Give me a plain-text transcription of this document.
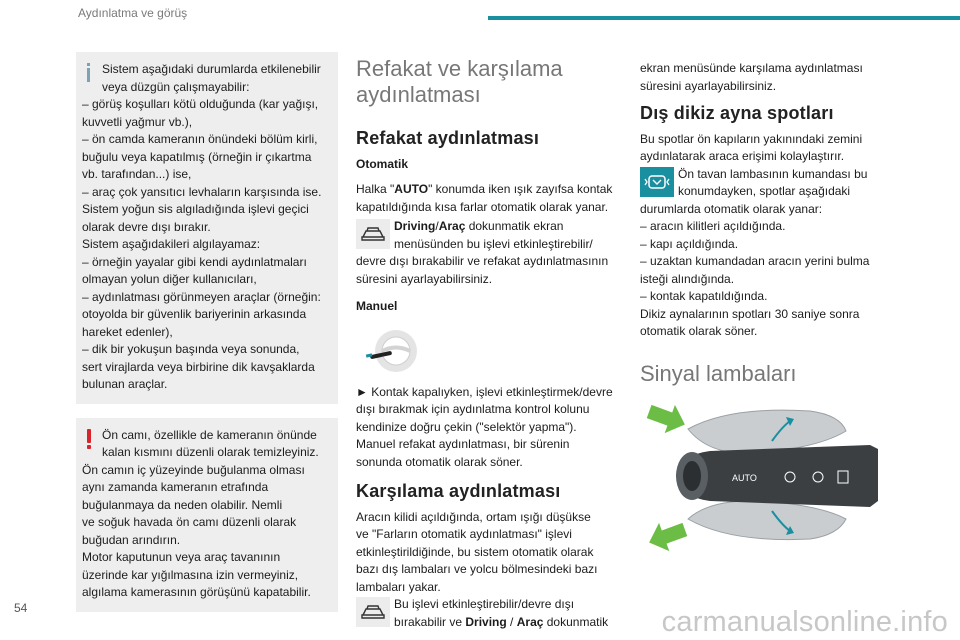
Aydınlatma ve görüş
Sistem aşağıdaki durumlarda etkilenebilir
veya düzgün çalışmayabilir:
– görüş koşulları kötü olduğunda (kar yağışı,
kuvvetli yağmur vb.),
– ön camda kameranın önündeki bölüm kirli,
buğulu veya kapatılmış (örneğin ir çıkartma
vb. tarafından...) ise,
– araç çok yansıtıcı levhaların karşısında ise.
Sistem yoğun sis algıladığında işlevi geçici
olarak devre dışı bırakır.
Sistem aşağıdakileri algılayamaz:
– örneğin yayalar gibi kendi aydınlatmaları
olmayan yolun diğer kullanıcıları,
– aydınlatması görünmeyen araçlar (örneğin:
otoyolda bir güvenlik bariyerinin arkasında
hareket edenler),
– dik bir yokuşun başında veya sonunda,
sert virajlarda veya birbirine dik kavşaklarda
bulunan araçlar.
Ön camı, özellikle de kameranın önünde
kalan kısmını düzenli olarak temizleyiniz.
Ön camın iç yüzeyinde buğulanma olması
aynı zamanda kameranın etrafında
buğulanmaya da neden olabilir. Nemli
ve soğuk havada ön camı düzenli olarak
buğudan arındırın.
Motor kaputunun veya araç tavanının
üzerinde kar yığılmasına izin vermeyiniz,
algılama kamerasının görüşünü kapatabilir.
Refakat ve karşılama
aydınlatması
Refakat aydınlatması
Otomatik

Halka "AUTO" konumda iken ışık zayıfsa kontak
kapatıldığında kısa farlar otomatik olarak yanar.

Driving/Araç dokunmatik ekran
menüsünden bu işlevi etkinleştirebilir/
devre dışı bırakabilir ve refakat aydınlatmasının
süresini ayarlayabilirsiniz.
Manuel

► Kontak kapalıyken, işlevi etkinleştirmek/devre
dışı bırakmak için aydınlatma kontrol kolunu
kendinize doğru çekin ("selektör yapma").
Manuel refakat aydınlatması, bir sürenin
sonunda otomatik olarak söner.

Karşılama aydınlatması

Aracın kilidi açıldığında, ortam ışığı düşükse
ve "Farların otomatik aydınlatması" işlevi
etkinleştirildiğinde, bu sistem otomatik olarak
bazı dış lambaları ve yolcu bölmesindeki bazı
lambaları yakar.

Bu işlevi etkinleştirebilir/devre dışı
bırakabilir ve Driving / Araç dokunmatik

ekran menüsünde karşılama aydınlatması
süresini ayarlayabilirsiniz.

Dış dikiz ayna spotları

Bu spotlar ön kapıların yakınındaki zemini
aydınlatarak araca erişimi kolaylaştırır.

Ön tavan lambasının kumandası bu
konumdayken, spotlar aşağıdaki

durumlarda otomatik olarak yanar:
– aracın kilitleri açıldığında.
– kapı açıldığında.
– uzaktan kumandadan aracın yerini bulma
isteği alındığında.
– kontak kapatıldığında.
Dikiz aynalarının spotları 30 saniye sonra
otomatik olarak söner.

Sinyal lambaları
AUTO
54	carmanualsonline.info
